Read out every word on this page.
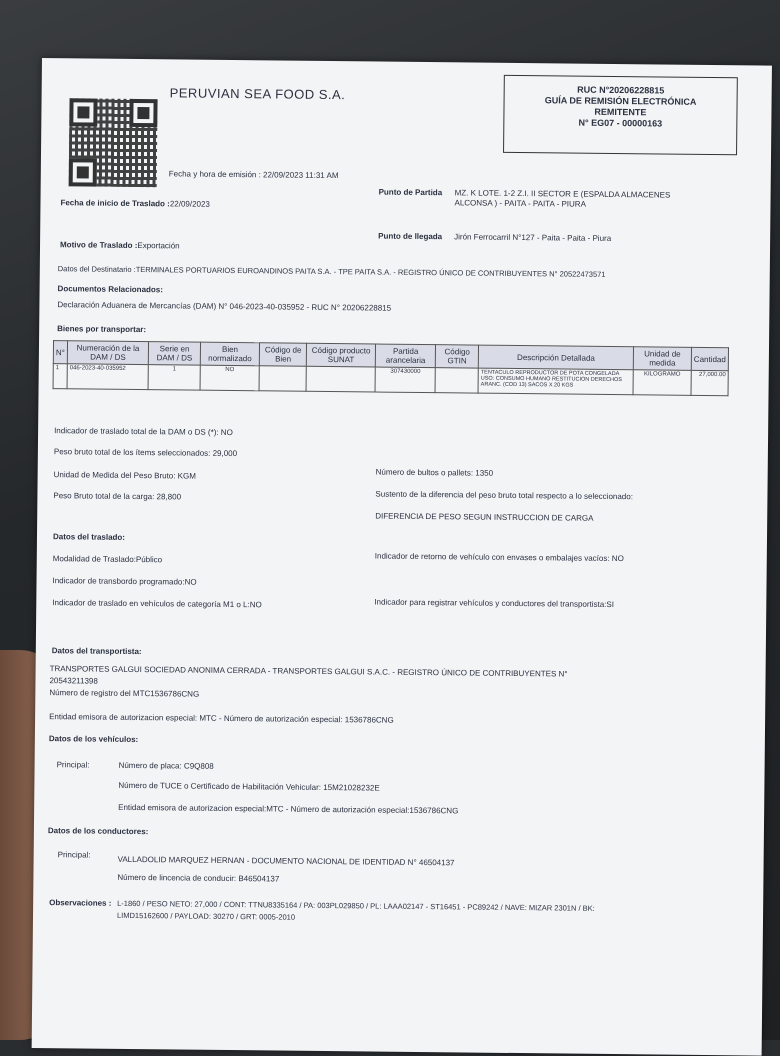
PERUVIAN SEA FOOD S.A.	RUC N°20206228815
GUÍA DE REMISIÓN ELECTRÓNICA
REMITENTE
N° EG07 - 00000163
Fecha y hora de emisión : 22/09/2023 11:31 AM
Fecha de inicio de Traslado :22/09/2023
Punto de Partida MZ. K LOTE. 1-2 Z.I. II SECTOR E (ESPALDA ALMACENES
ALCONSA ) - PAITA - PAITA - PIURA
Motivo de Traslado :Exportación
Punto de llegada Jirón Ferrocarril N°127 - Paita - Paita - Piura
Datos del Destinatario :TERMINALES PORTUARIOS EUROANDINOS PAITA S.A. - TPE PAITA S.A. - REGISTRO ÚNICO DE CONTRIBUYENTES N° 20522473571
Documentos Relacionados:
Declaración Aduanera de Mercancías (DAM) N° 046-2023-40-035952 - RUC N° 20206228815
Bienes por transportar:
N°	Numeración de la DAM / DS	Serie en DAM / DS	Bien normalizado	Código de Bien	Código producto SUNAT	Partida arancelaria	Código GTIN	Descripción Detallada	Unidad de medida	Cantidad
1	046-2023-40-035952	1	NO			307430000		TENTACULO REPRODUCTOR DE POTA CONGELADA USO: CONSUMO HUMANO RESTITUCION DERECHOS ARANC. (COD 13) SACOS X 20 KGS	KILOGRAMO	27,000.00
Indicador de traslado total de la DAM o DS (*): NO
Peso bruto total de los ítems seleccionados: 29,000
Unidad de Medida del Peso Bruto: KGM	Número de bultos o pallets: 1350
Peso Bruto total de la carga: 28,800	Sustento de la diferencia del peso bruto total respecto a lo seleccionado:
DIFERENCIA DE PESO SEGUN INSTRUCCION DE CARGA
Datos del traslado:
Modalidad de Traslado:Público	Indicador de retorno de vehículo con envases o embalajes vacíos: NO
Indicador de transbordo programado:NO
Indicador de traslado en vehículos de categoría M1 o L:NO	Indicador para registrar vehículos y conductores del transportista:SI
Datos del transportista:
TRANSPORTES GALGUI SOCIEDAD ANONIMA CERRADA - TRANSPORTES GALGUI S.A.C. - REGISTRO ÚNICO DE CONTRIBUYENTES N°
20543211398
Número de registro del MTC1536786CNG
Entidad emisora de autorizacion especial: MTC - Número de autorización especial: 1536786CNG
Datos de los vehículos:
Principal:	Número de placa: C9Q808
Número de TUCE o Certificado de Habilitación Vehicular: 15M21028232E
Entidad emisora de autorizacion especial:MTC - Número de autorización especial:1536786CNG
Datos de los conductores:
Principal:	VALLADOLID MARQUEZ HERNAN - DOCUMENTO NACIONAL DE IDENTIDAD N° 46504137
Número de lincencia de conducir: B46504137
Observaciones : L-1860 / PESO NETO: 27,000 / CONT: TTNU8335164 / PA: 003PL029850 / PL: LAAA02147 - ST16451 - PC89242 / NAVE: MIZAR 2301N / BK:
LIMD15162600 / PAYLOAD: 30270 / GRT: 0005-2010
